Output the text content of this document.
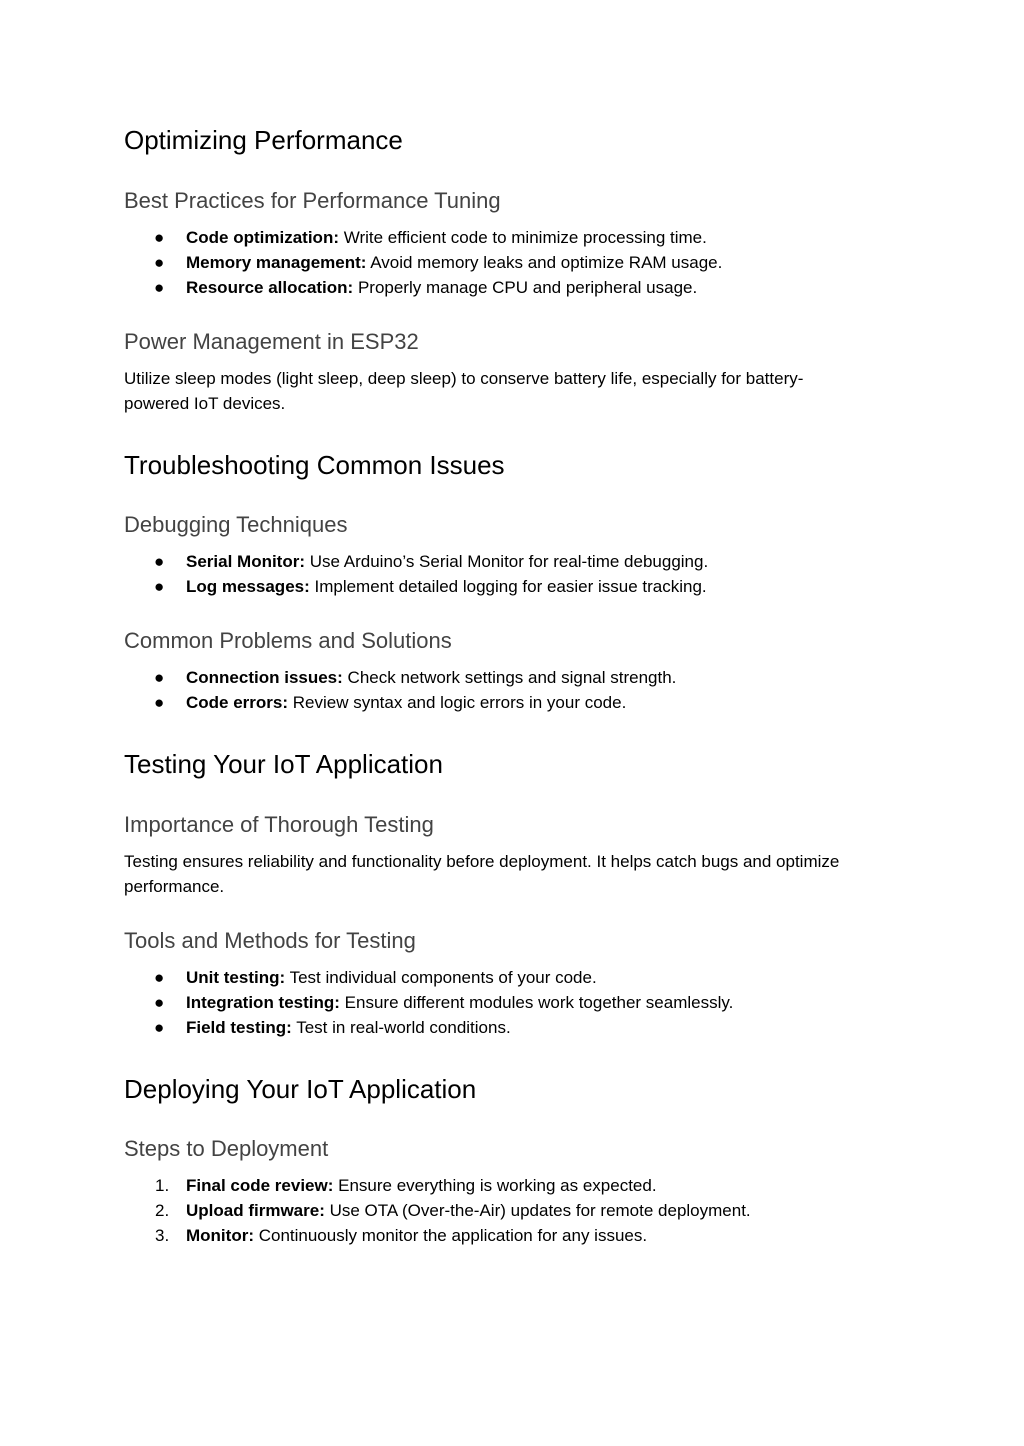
Optimizing Performance
Best Practices for Performance Tuning
●	Code optimization: Write efficient code to minimize processing time.
●	Memory management: Avoid memory leaks and optimize RAM usage.
●	Resource allocation: Properly manage CPU and peripheral usage.
Power Management in ESP32

Utilize sleep modes (light sleep, deep sleep) to conserve battery life, especially for battery-powered IoT devices.

Troubleshooting Common Issues
Debugging Techniques
●	Serial Monitor: Use Arduino’s Serial Monitor for real-time debugging.
●	Log messages: Implement detailed logging for easier issue tracking.
Common Problems and Solutions
●	Connection issues: Check network settings and signal strength.
●	Code errors: Review syntax and logic errors in your code.
Testing Your IoT Application
Importance of Thorough Testing

Testing ensures reliability and functionality before deployment. It helps catch bugs and optimize performance.

Tools and Methods for Testing
●	Unit testing: Test individual components of your code.
●	Integration testing: Ensure different modules work together seamlessly.
●	Field testing: Test in real-world conditions.
Deploying Your IoT Application
Steps to Deployment
1. Final code review: Ensure everything is working as expected.
2. Upload firmware: Use OTA (Over-the-Air) updates for remote deployment.
3. Monitor: Continuously monitor the application for any issues.
